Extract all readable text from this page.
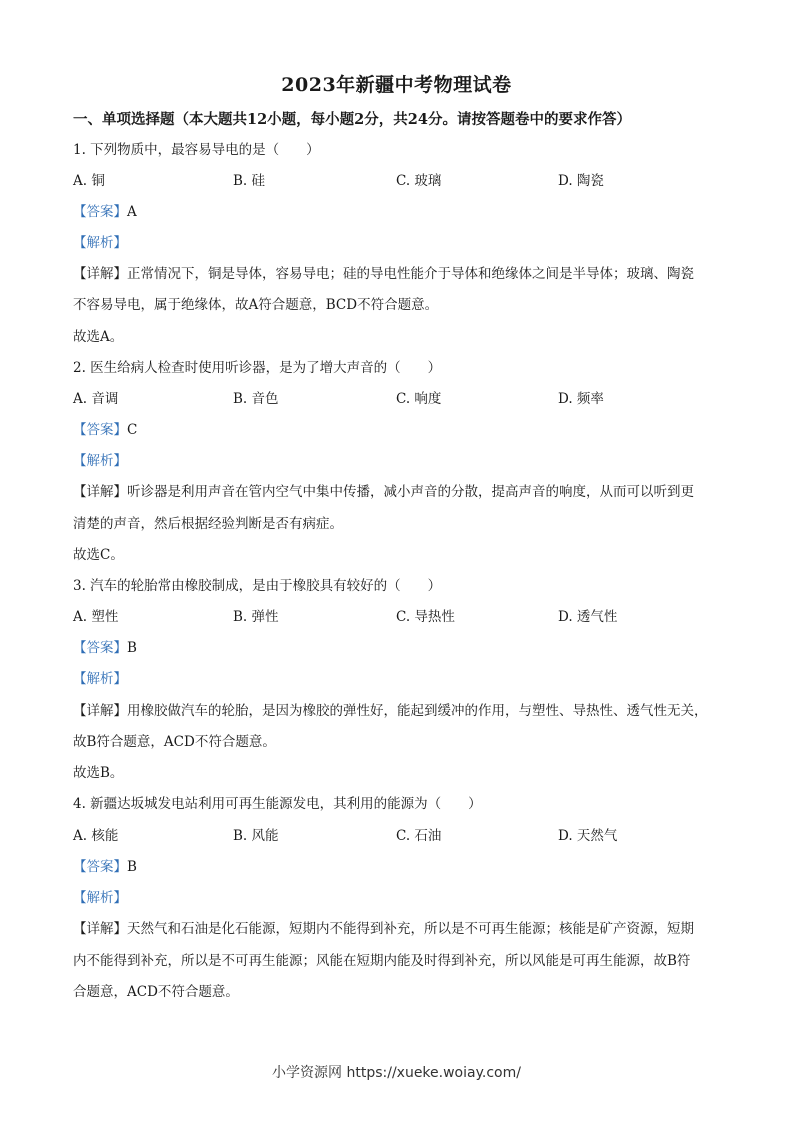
2023年新疆中考物理试卷
一、单项选择题（本大题共12小题，每小题2分，共24分。请按答题卷中的要求作答）
1. 下列物质中，最容易导电的是（　　）
A. 铜	B. 硅	C. 玻璃	D. 陶瓷
【答案】A
【解析】
【详解】正常情况下，铜是导体，容易导电；硅的导电性能介于导体和绝缘体之间是半导体；玻璃、陶瓷
不容易导电，属于绝缘体，故A符合题意，BCD不符合题意。
故选A。
2. 医生给病人检查时使用听诊器，是为了增大声音的（　　）
A. 音调	B. 音色	C. 响度	D. 频率
【答案】C
【解析】
【详解】听诊器是利用声音在管内空气中集中传播，减小声音的分散，提高声音的响度，从而可以听到更
清楚的声音，然后根据经验判断是否有病症。
故选C。
3. 汽车的轮胎常由橡胶制成，是由于橡胶具有较好的（　　）
A. 塑性	B. 弹性	C. 导热性	D. 透气性
【答案】B
【解析】
【详解】用橡胶做汽车的轮胎，是因为橡胶的弹性好，能起到缓冲的作用，与塑性、导热性、透气性无关，
故B符合题意，ACD不符合题意。
故选B。
4. 新疆达坂城发电站利用可再生能源发电，其利用的能源为（　　）
A. 核能	B. 风能	C. 石油	D. 天然气
【答案】B
【解析】
【详解】天然气和石油是化石能源，短期内不能得到补充，所以是不可再生能源；核能是矿产资源，短期
内不能得到补充，所以是不可再生能源；风能在短期内能及时得到补充，所以风能是可再生能源，故B符
合题意，ACD不符合题意。
小学资源网 https://xueke.woiay.com/
